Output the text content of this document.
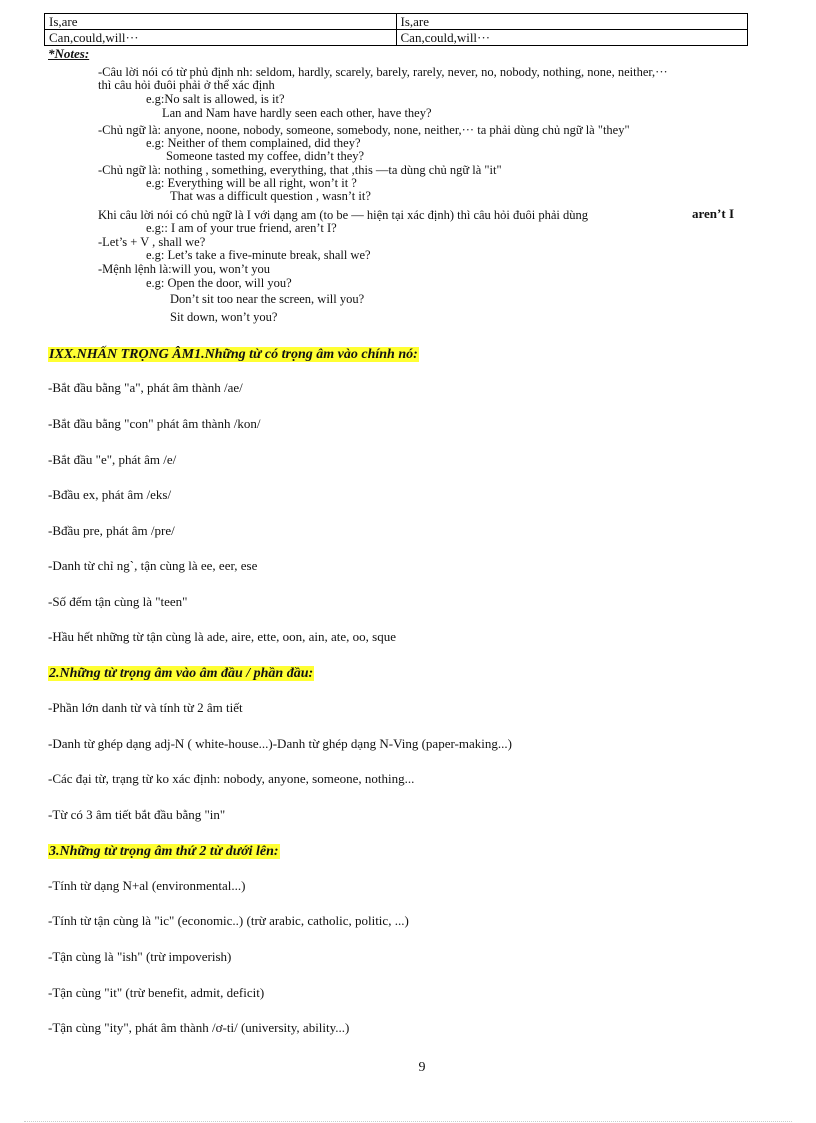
Is,are	Is,are
Can,could,will···	Can,could,will···
*Notes:
-Câu lời nói có từ phủ định nh: seldom, hardly, scarely, barely, rarely, never, no, nobody, nothing, none, neither,···
thì câu hỏi đuôi phải ở thể xác định
e.g:No salt is allowed, is it?
Lan and Nam have hardly seen each other, have they?
-Chủ ngữ là: anyone, noone, nobody, someone, somebody, none, neither,··· ta phải dùng chủ ngữ là "they"
e.g: Neither of them complained, did they?
Someone tasted my coffee, didn’t they?
-Chủ ngữ là: nothing , something, everything, that ,this —ta dùng chủ ngữ là "it"
e.g: Everything will be all right, won’t it ?
That was a difficult question , wasn’t it?
Khi câu lời nói có chủ ngữ là I với dạng am (to be — hiện tại xác định) thì câu hỏi đuôi phải dùng	aren’t I
e.g:: I am of your true friend, aren’t I?
-Let’s + V , shall we?
e.g: Let’s take a five-minute break, shall we?
-Mệnh lệnh là:will you, won’t you
e.g: Open the door, will you?
Don’t sit too near the screen, will you?
Sit down, won’t you?
IXX.NHẤN TRỌNG ÂM1.Những từ có trọng âm vào chính nó:
-Bắt đầu bằng "a", phát âm thành /ae/
-Bắt đầu bằng "con" phát âm thành /kon/
-Bắt đầu "e", phát âm /e/
-Bđầu ex, phát âm /eks/
-Bđầu pre, phát âm /pre/
-Danh từ chỉ ng`, tận cùng là ee, eer, ese
-Số đếm tận cùng là "teen"
-Hầu hết những từ tận cùng là ade, aire, ette, oon, ain, ate, oo, sque
2.Những từ trọng âm vào âm đầu / phần đầu:
-Phần lớn danh từ và tính từ 2 âm tiết
-Danh từ ghép dạng adj-N ( white-house...)-Danh từ ghép dạng N-Ving (paper-making...)
-Các đại từ, trạng từ ko xác định: nobody, anyone, someone, nothing...
-Từ có 3 âm tiết bắt đầu bằng "in"
3.Những từ trọng âm thứ 2 từ dưới lên:
-Tính từ dạng N+al (environmental...)
-Tính từ tận cùng là "ic" (economic..) (trừ arabic, catholic, politic, ...)
-Tận cùng là "ish" (trừ impoverish)
-Tận cùng "it" (trừ benefit, admit, deficit)
-Tận cùng "ity", phát âm thành /ơ-ti/ (university, ability...)
9
